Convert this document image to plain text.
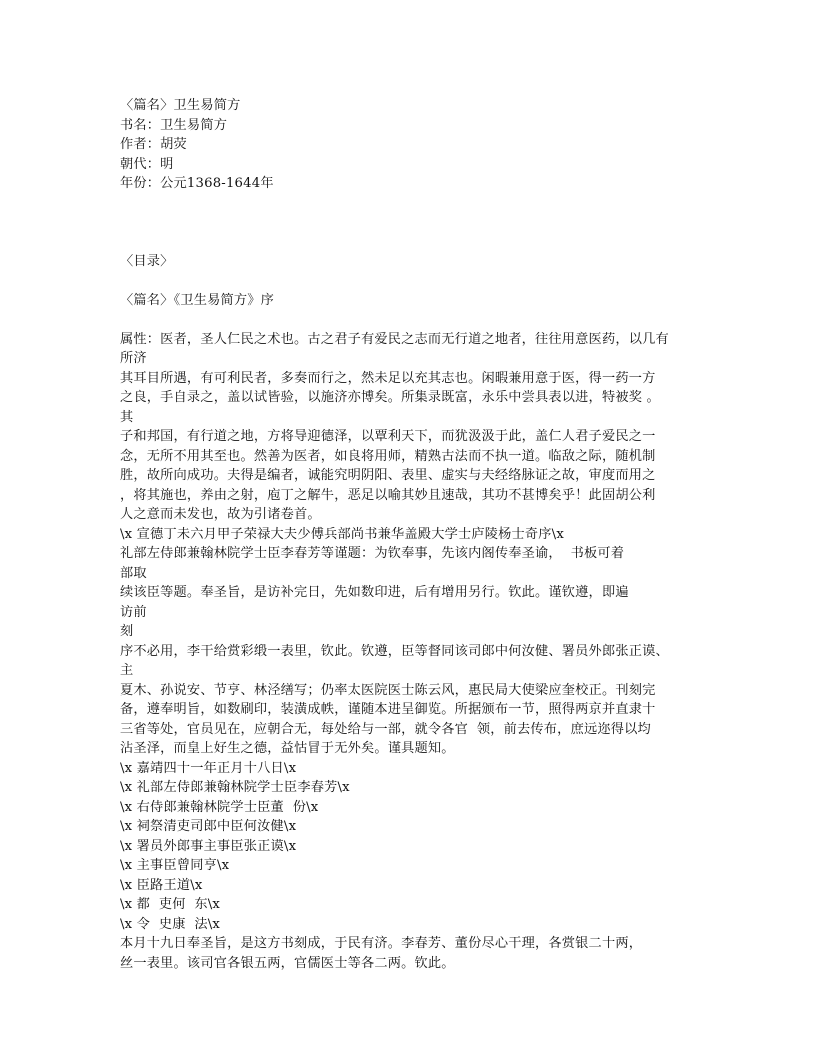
〈篇名〉卫生易简方
书名：卫生易简方
作者：胡荧
朝代：明
年份：公元1368-1644年
〈目录〉
〈篇名〉《卫生易简方》序
属性：医者，圣人仁民之术也。古之君子有爱民之志而无行道之地者，往往用意医药，以几有
所济
其耳目所遇，有可利民者，多奏而行之，然未足以充其志也。闲暇兼用意于医，得一药一方
之良，手自录之，盖以试皆验，以施济亦博矣。所集录既富，永乐中尝具表以进，特被奖 。
其
子和邦国，有行道之地，方将导迎德泽，以覃利天下，而犹汲汲于此，盖仁人君子爱民之一
念，无所不用其至也。然善为医者，如良将用师，精熟古法而不执一道。临敌之际，随机制
胜，故所向成功。夫得是编者，诚能究明阴阳、表里、虚实与夫经络脉证之故，审度而用之
，将其施也，养由之射，庖丁之解牛，恶足以喻其妙且速哉，其功不甚博矣乎！此固胡公利
人之意而未发也，故为引诸卷首。
\x 宣德丁未六月甲子荣禄大夫少傅兵部尚书兼华盖殿大学士庐陵杨士奇序\x
礼部左侍郎兼翰林院学士臣李春芳等谨题：为钦奉事，先该内阁传奉圣谕，  书板可着
部取
续该臣等题。奉圣旨，是访补完日，先如数印进，后有增用另行。钦此。谨钦遵，即遍
访前
刻
序不必用，李干给赏彩缎一表里，钦此。钦遵，臣等督同该司郎中何汝健、署员外郎张正谟、
主
夏木、孙说安、节亨、林泾缮写；仍率太医院医士陈云风，惠民局大使梁应奎校正。刊刻完
备，遵奉明旨，如数刷印，装潢成帙，谨随本进呈御览。所据颁布一节，照得两京并直隶十
三省等处，官员见在，应朝合无，每处给与一部，就令各官  领，前去传布，庶远迩得以均
沾圣泽，而皇上好生之德，益怙冒于无外矣。谨具题知。
\x 嘉靖四十一年正月十八日\x
\x 礼部左侍郎兼翰林院学士臣李春芳\x
\x 右侍郎兼翰林院学士臣董  份\x
\x 祠祭清吏司郎中臣何汝健\x
\x 署员外郎事主事臣张正谟\x
\x 主事臣曾同亨\x
\x 臣路王道\x
\x 都  吏何  东\x
\x 令  史康  法\x
本月十九日奉圣旨，是这方书刻成，于民有济。李春芳、董份尽心干理，各赏银二十两，
丝一表里。该司官各银五两，官儒医士等各二两。钦此。
